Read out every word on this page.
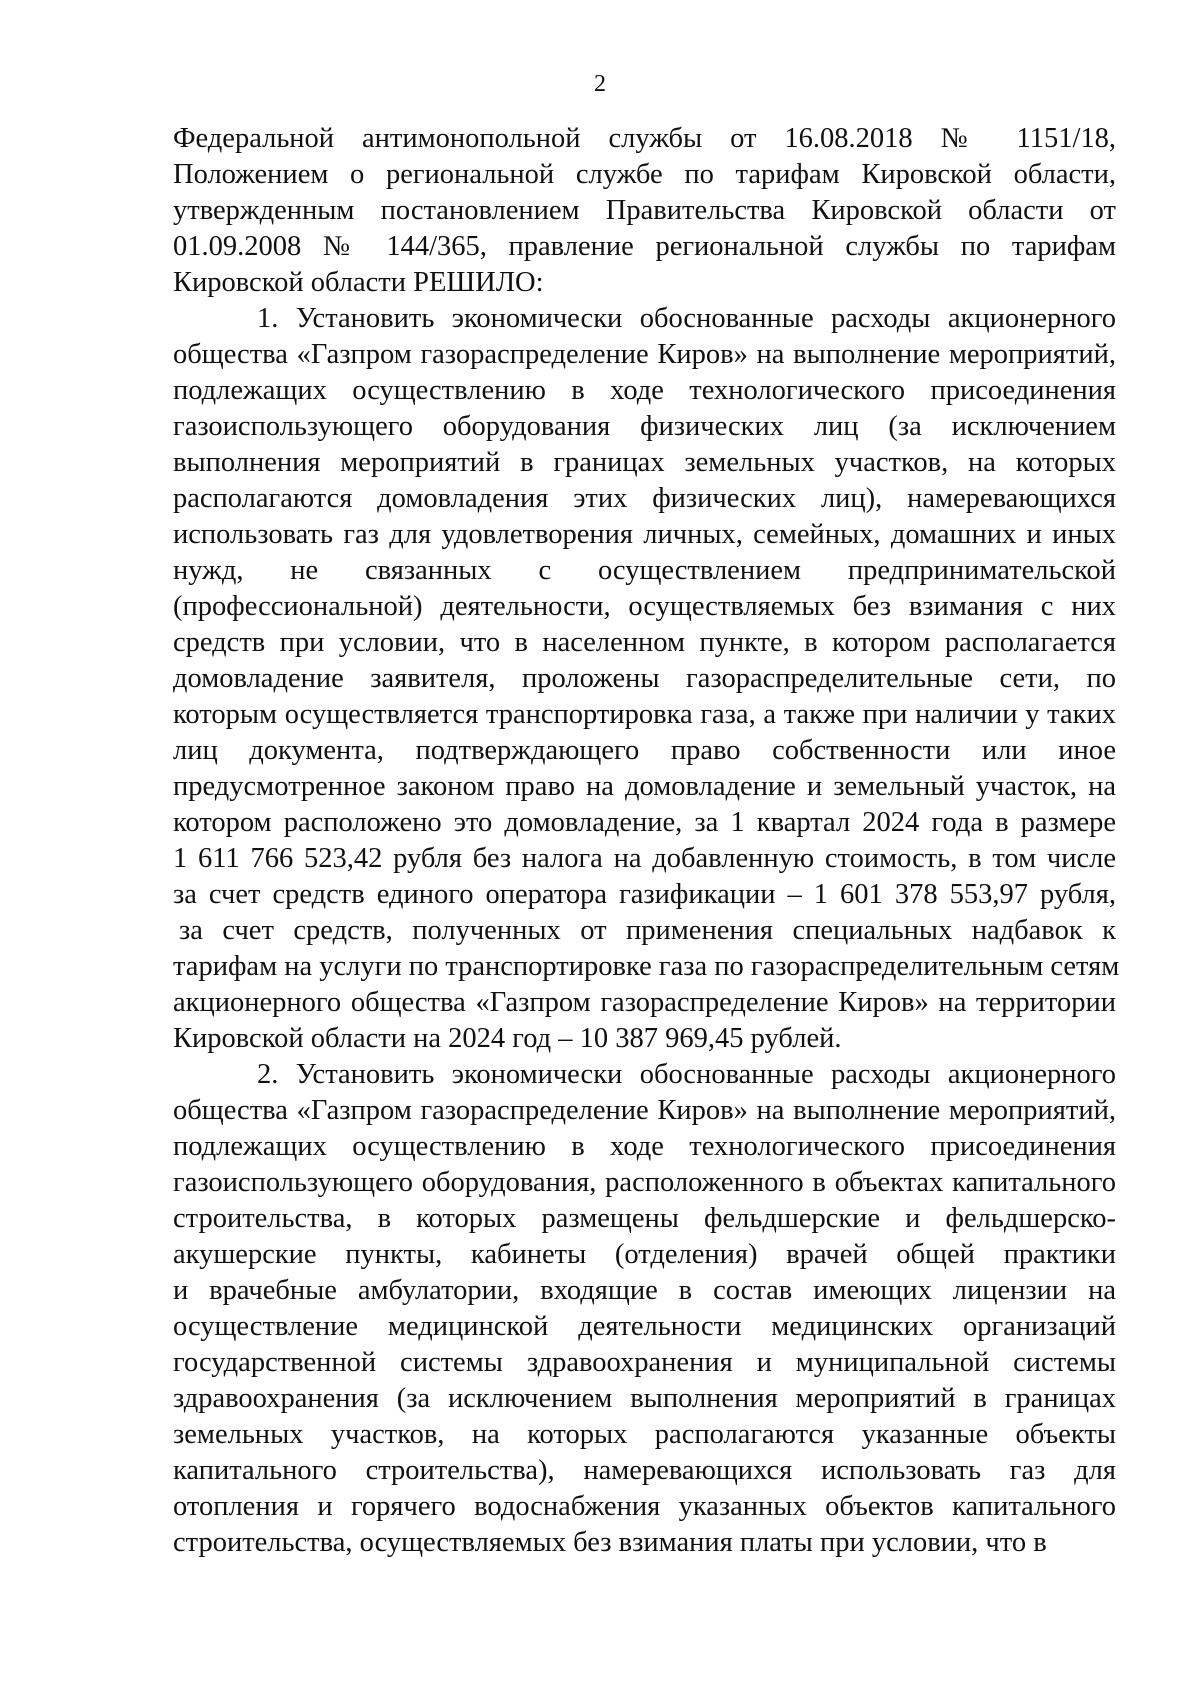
2
Федеральной антимонопольной службы от 16.08.2018 № 1151/18,
Положением о региональной службе по тарифам Кировской области,
утвержденным постановлением Правительства Кировской области от
01.09.2008 № 144/365, правление региональной службы по тарифам
Кировской области РЕШИЛО:
1. Установить экономически обоснованные расходы акционерного
общества «Газпром газораспределение Киров» на выполнение мероприятий,
подлежащих осуществлению в ходе технологического присоединения
газоиспользующего оборудования физических лиц (за исключением
выполнения мероприятий в границах земельных участков, на которых
располагаются домовладения этих физических лиц), намеревающихся
использовать газ для удовлетворения личных, семейных, домашних и иных
нужд, не связанных с осуществлением предпринимательской
(профессиональной) деятельности, осуществляемых без взимания с них
средств при условии, что в населенном пункте, в котором располагается
домовладение заявителя, проложены газораспределительные сети, по
которым осуществляется транспортировка газа, а также при наличии у таких
лиц документа, подтверждающего право собственности или иное
предусмотренное законом право на домовладение и земельный участок, на
котором расположено это домовладение, за 1 квартал 2024 года в размере
1 611 766 523,42 рубля без налога на добавленную стоимость, в том числе
за счет средств единого оператора газификации – 1 601 378 553,97 рубля,
за счет средств, полученных от применения специальных надбавок к
тарифам на услуги по транспортировке газа по газораспределительным сетям
акционерного общества «Газпром газораспределение Киров» на территории
Кировской области на 2024 год – 10 387 969,45 рублей.
2. Установить экономически обоснованные расходы акционерного
общества «Газпром газораспределение Киров» на выполнение мероприятий,
подлежащих осуществлению в ходе технологического присоединения
газоиспользующего оборудования, расположенного в объектах капитального
строительства, в которых размещены фельдшерские и фельдшерско-
акушерские пункты, кабинеты (отделения) врачей общей практики
и врачебные амбулатории, входящие в состав имеющих лицензии на
осуществление медицинской деятельности медицинских организаций
государственной системы здравоохранения и муниципальной системы
здравоохранения (за исключением выполнения мероприятий в границах
земельных участков, на которых располагаются указанные объекты
капитального строительства), намеревающихся использовать газ для
отопления и горячего водоснабжения указанных объектов капитального
строительства, осуществляемых без взимания платы при условии, что в
